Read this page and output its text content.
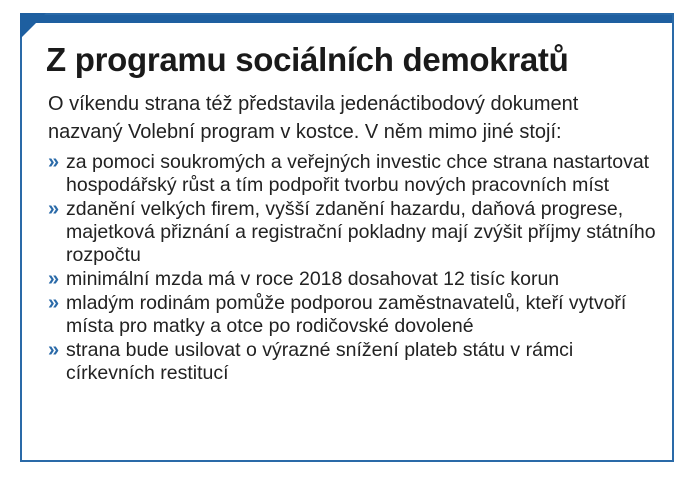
Z programu sociálních demokratů
O víkendu strana též představila jedenáctibodový dokument nazvaný Volební program v kostce. V něm mimo jiné stojí:
» za pomoci soukromých a veřejných investic chce strana nastartovat hospodářský růst a tím podpořit tvorbu nových pracovních míst
» zdanění velkých firem, vyšší zdanění hazardu, daňová progrese, majetková přiznání a registrační pokladny mají zvýšit příjmy státního rozpočtu
» minimální mzda má v roce 2018 dosahovat 12 tisíc korun
» mladým rodinám pomůže podporou zaměstnavatelů, kteří vytvoří místa pro matky a otce po rodičovské dovolené
» strana bude usilovat o výrazné snížení plateb státu v rámci církevních restitucí
